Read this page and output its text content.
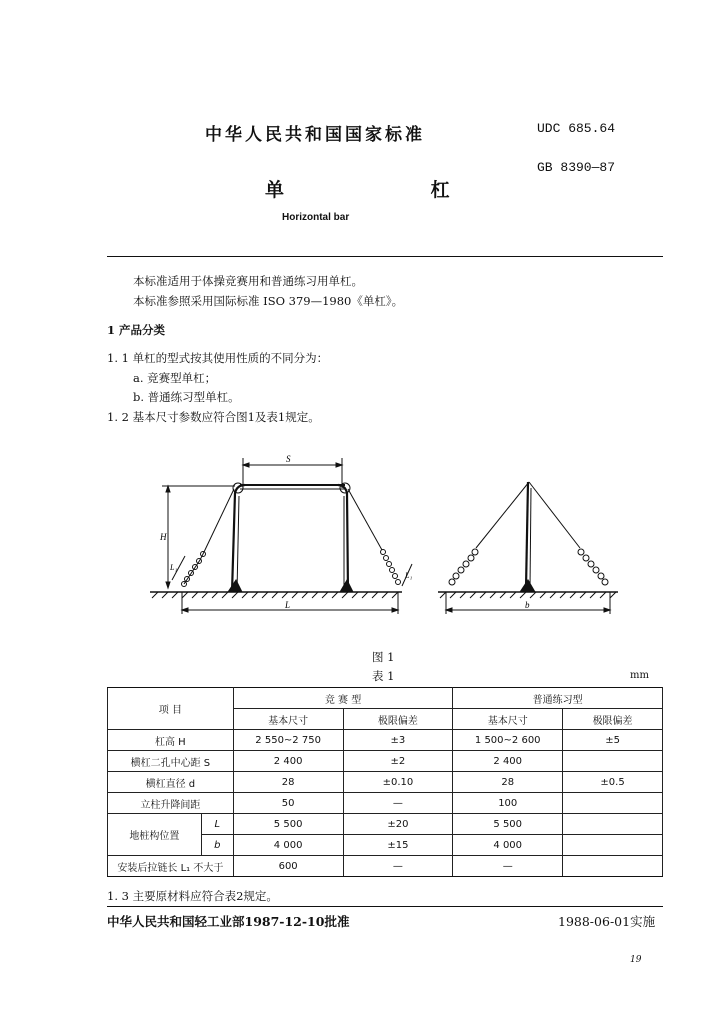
中华人民共和国国家标准	UDC 685.64
GB 8390—87
单 杠
Horizontal bar
本标准适用于体操竞赛用和普通练习用单杠。
本标准参照采用国际标准 ISO 379—1980《单杠》。
1 产品分类
1. 1 单杠的型式按其使用性质的不同分为：
a. 竞赛型单杠；
b. 普通练习型单杠。
1. 2 基本尺寸参数应符合图1及表1规定。
S
H
L₁
L₁
L	b
图 1
表 1	mm
项 目		竞 赛 型		普通练习型	
		基本尺寸	极限偏差	基本尺寸	极限偏差
杠高 H		2 550~2 750	±3	1 500~2 600	±5
横杠二孔中心距 S		2 400	±2	2 400	
横杠直径 d		28	±0.10	28	±0.5
立柱升降间距		50	—	100	
地桩构位置	L	5 500	±20	5 500	
	b	4 000	±15	4 000	
安装后拉链长 L₁ 不大于		600	—	—	
1. 3 主要原材料应符合表2规定。
中华人民共和国轻工业部1987-12-10批准	1988-06-01实施
19
